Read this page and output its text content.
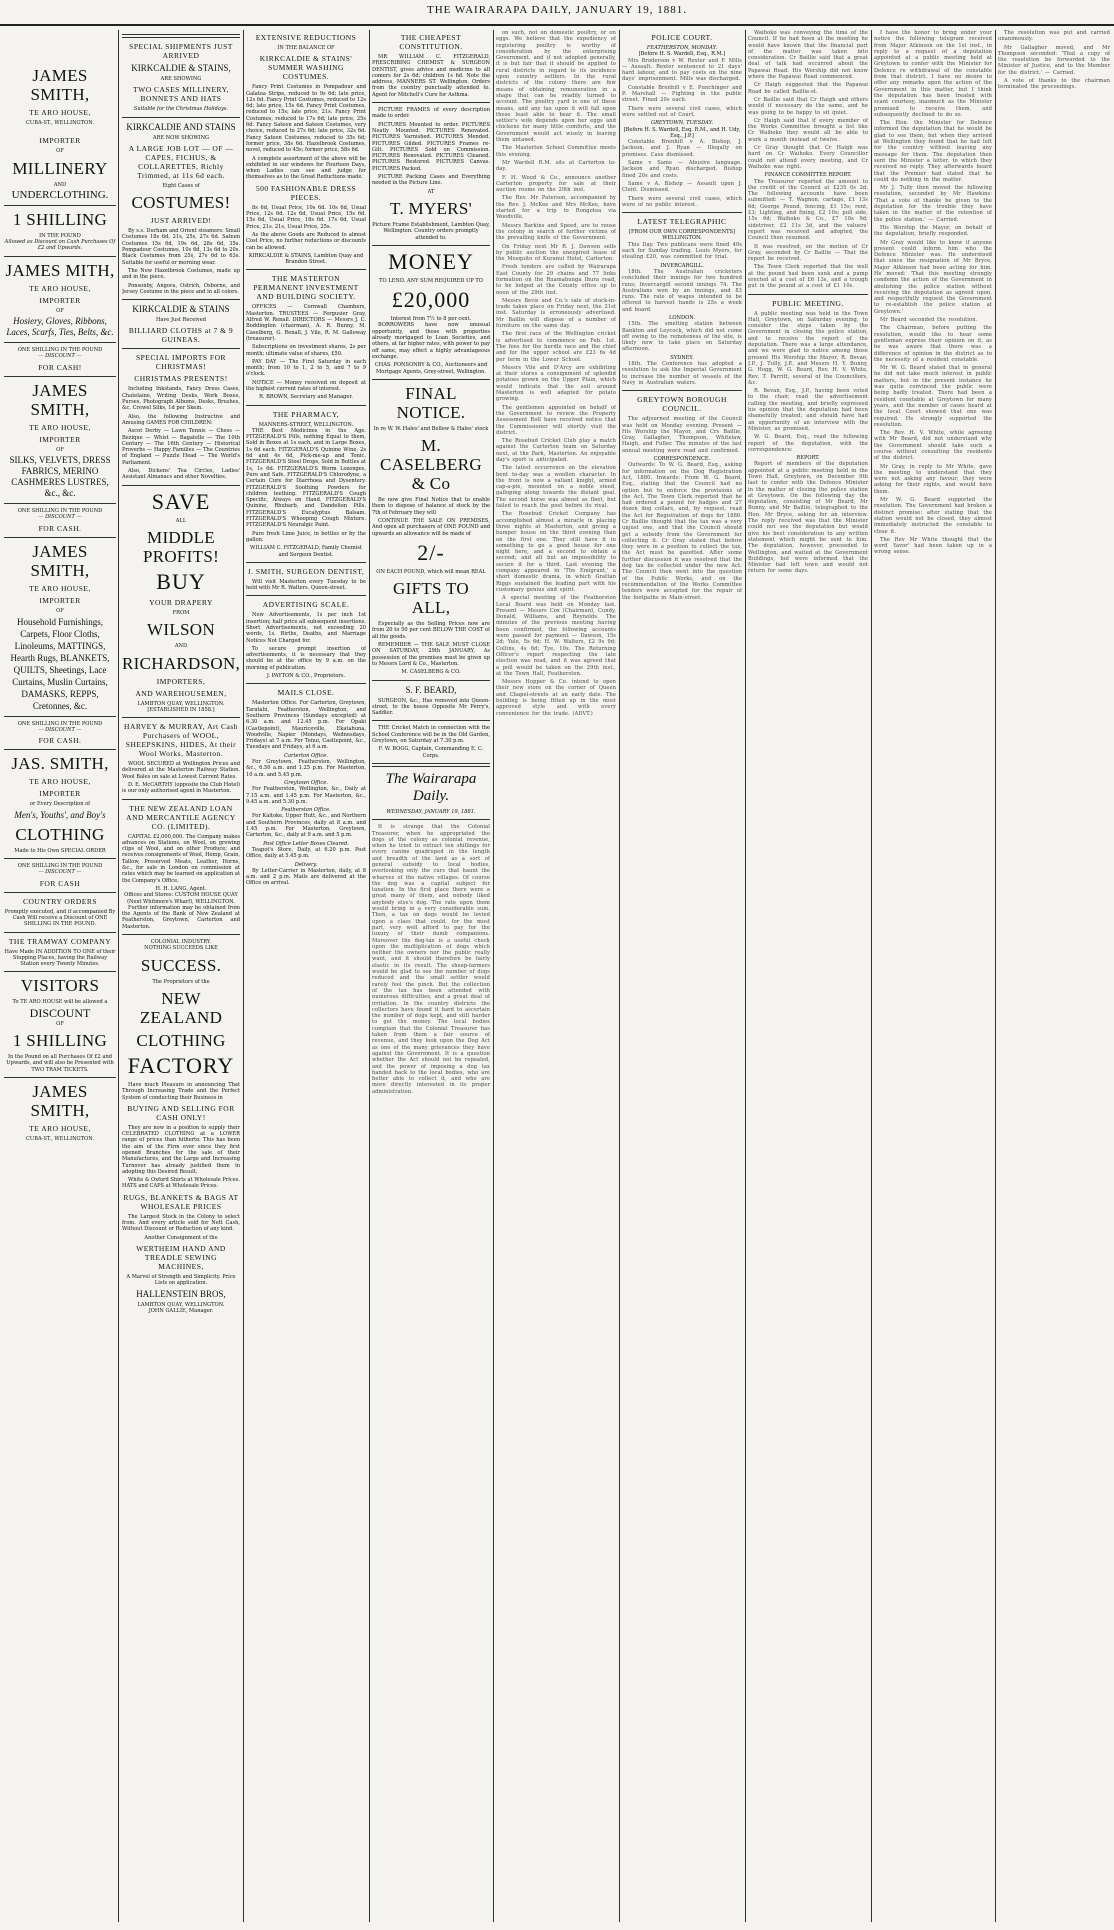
THE WAIRARAPA DAILY, JANUARY 19, 1881.
JAMES SMITH,
TE ARO HOUSE,
CUBA-ST., WELLINGTON.
IMPORTER
OF
MILLINERY
AND
UNDERCLOTHING.
1 SHILLING
IN THE POUND
Allowed as Discount on Cash Purchases Of £2 and Upwards.
JAMES MITH,
TE ARO HOUSE,
IMPORTER
OF
Hosiery, Gloves, Ribbons, Laces, Scarfs, Ties, Belts, &c.
ONE SHILLING IN THE POUND
— DISCOUNT —
FOR CASH!
JAMES SMITH,
TE ARO HOUSE,
IMPORTER
OF
SILKS, VELVETS, DRESS FABRICS, MERINO CASHMERES LUSTRES, &c., &c.
ONE SHILLING IN THE POUND
— DISCOUNT —
FOR CASH.
JAMES SMITH,
TE ARO HOUSE,
IMPORTER
OF
Household Furnishings, Carpets, Floor Cloths, Linoleums, MATTINGS, Hearth Rugs, BLANKETS, QUILTS, Sheetings, Lace Curtains, Muslin Curtains, DAMASKS, REPPS, Cretonnes, &c.
ONE SHILLING IN THE POUND
— DISCOUNT —
FOR CASH.
JAS. SMITH,
TE ARO HOUSE,
IMPORTER
or Every Description of
Men's, Youths', and Boy's
CLOTHING
Made to His Own SPECIAL ORDER
ONE SHILLING IN THE POUND
— DISCOUNT —
FOR CASH
COUNTRY ORDERS
Promptly executed, and if accompanied By Cash Will receive a Discount of ONE SHILLING IN THE POUND.
THE TRAMWAY COMPANY
Have Made IN ADDITION TO ONE of their Stopping Places, having the Railway Station every Twenty Minutes.
VISITORS
To TE ARO HOUSE will be allowed a
DISCOUNT
OF
1 SHILLING
In the Pound on all Purchases Of £2 and Upwards, and will also be Presented with TWO TRAM TICKETS.
JAMES SMITH,
TE ARO HOUSE,
CUBA-ST., WELLINGTON.
SPECIAL SHIPMENTS JUST ARRIVED
KIRKCALDIE & STAINS,
ARE SHOWING
TWO CASES MILLINERY, BONNETS AND HATS
Suitable for the Christmas Holidays.
KIRKCALDIE AND STAINS
ARE NOW SHOWING
A LARGE JOB LOT — OF — CAPES, FICHUS, & COLLARETTES, Richly Trimmed, at 11s 6d each.
Eight Cases of
COSTUMES!
JUST ARRIVED!

By s.s. Durham and Orient steamers: Small Costumes 18s 6d, 21s, 25s, 27s 6d. Sateen Costumes 15s 6d, 19s 6d, 28s 6d, 35s. Pompadour Costumes, 10s 6d, 13s 6d to 20s. Black Costumes from 25s, 27s 6d to 63s. Suitable for useful or morning wear.

The New Hazelbrook Costumes, made up and in the piece.

Ponsonby, Angora, Ostrich, Osborne, and Jersey Costume in the piece and in all colors.

KIRKCALDIE & STAINS
Have Just Received
BILLIARD CLOTHS at 7 & 9 GUINEAS.
SPECIAL IMPORTS FOR CHRISTMAS!
CHRISTMAS PRESENTS!

Including Inkstands, Fancy Dress Cases, Chatelaine, Writing Desks, Work Boxes, Purses, Photograph Albums, Desks, Brushes, &c. Crewel Silks, 1d per Skein.

Also, the following Instructive and Amusing GAMES FOR CHILDREN:

Ascot Derby — Lawn Tennis — Chess — Bezique — Whist — Bagatelle — The 10th Century — The 16th Century — Historical Proverbs — Happy Families — The Countries of England — Puzzle Head — The World's Parliament.

Also, Dickens' Tea Circles, Ladies' Assistant Almanacs and other Novelties.

SAVE
ALL
MIDDLE PROFITS!
BUY
YOUR DRAPERY
FROM
WILSON
AND
RICHARDSON,
IMPORTERS,
AND WAREHOUSEMEN,
LAMBTON QUAY, WELLINGTON.
[ESTABLISHED IN 1858.]
HARVEY & MURRAY, Art Cash Purchasers of WOOL, SHEEPSKINS, HIDES, At their Wool Works, Masterton.

WOOL SECURED at Wellington Prices and delivered at the Masterton Railway Station. Wool Bales on sale at Lowest Current Rates.

D. E. McCARTHY (opposite the Club Hotel) is our only authorised agent in Masterton.

THE NEW ZEALAND LOAN AND MERCANTILE AGENCY CO. (LIMITED).

CAPITAL £2,000,000. The Company makes advances on Stations, on Wool, on growing clips of Wool, and on other Produce; and receives consignments of Wool, Hemp, Grain, Tallow, Preserved Meats, Leather, Horns, &c., for sale in London on commission at rates which may be learned on application at the Company's Office.

H. H. LANG, Agent.
Offices and Stores: CUSTOM HOUSE QUAY (Next Whitmore's Wharf), WELLINGTON.

Further information may be obtained from the Agents of the Bank of New Zealand at Featherston, Greytown, Carterton and Masterton.

COLONIAL INDUSTRY.
NOTHING SUCCEEDS LIKE
SUCCESS.
The Proprietors of the
NEW ZEALAND
CLOTHING
FACTORY

Have much Pleasure in announcing That Through Increasing Trade and the Perfect System of conducting their Business in

BUYING AND SELLING FOR CASH ONLY!

They are now in a position to supply their CELEBRATED CLOTHING at a LOWER range of prices than hitherto. This has been the aim of the Firm ever since they first opened Branches for the sale of their Manufactures, and the Large and Increasing Turnover has already justified them in adopting this Desired Result.

White & Oxford Shirts at Wholesale Prices. HATS and CAPS at Wholesale Prices.

RUGS, BLANKETS & BAGS AT WHOLESALE PRICES

The Largest Stock in the Colony to select from. And every article sold for Nett Cash, Without Discount or Reduction of any kind.

Another Consignment of the
WERTHEIM HAND AND TREADLE SEWING MACHINES,
A Marvel of Strength and Simplicity. Price Lists on application.
HALLENSTEIN BROS,
LAMBTON QUAY, WELLINGTON.
JOHN GALLIE, Manager.
EXTENSIVE REDUCTIONS
IN THE BALANCE OF
KIRKCALDIE & STAINS' SUMMER WASHING COSTUMES.

Fancy Print Costumes in Pompadour and Galatea Stripe, reduced to 9s 6d; late price, 12s 6d. Fancy Print Costumes, reduced to 12s 6d; late price, 15s 6d. Fancy Print Costumes, reduced to 15s; late price, 21s. Fancy Print Costumes, reduced to 17s 6d; late price, 25s 6d. Fancy Sateen and Sateen Costumes, very choice, reduced to 27s 6d; late price, 32s 6d. Fancy Sateen Costumes, reduced to 35s 6d; former price, 38s 6d. Hazelbrook Costumes, novel, reduced to 45s; former price, 58s 6d.

A complete assortment of the above will be exhibited in our windows for Fourteen Days, when Ladies can see and judge for themselves as to the Great Reductions made.

500 FASHIONABLE DRESS PIECES.

8s 6d, Usual Price, 10s 6d. 10s 6d, Usual Price, 12s 6d. 12s 6d, Usual Price, 15s 6d. 15s 6d, Usual Price, 18s 6d. 17s 6d, Usual Price, 21s. 21s, Usual Price, 25s.

As the above Goods are Reduced to almost Cost Price, no further reductions or discounts can be allowed.

KIRKCALDIE & STAINS, Lambton Quay and Brandon Street.
THE MASTERTON PERMANENT INVESTMENT AND BUILDING SOCIETY.

OFFICES — Cornwall Chambers, Masterton. TRUSTEES — Fergusier Gray, Alfred W. Renall. DIRECTORS — Messrs J. C. Boddington (chairman), A. R. Bunny, M. Caselberg, G. Renall, J. Vile, R. M. Galloway (treasurer).

Subscriptions on investment shares, 2s per month; ultimate value of shares, £50.

PAY DAY — The First Saturday in each month; from 10 to 1, 2 to 5, and 7 to 9 o'clock.

NOTICE — Money received on deposit at the highest current rates of interest.

R. BROWN, Secretary and Manager.
THE PHARMACY,
MANNERS-STREET, WELLINGTON.

THE Best Medicines in the Age. FITZGERALD'S Pills, nothing Equal to them, Sold in Boxes at 1s each, and in Large Boxes, 1s 6d each. FITZGERALD'S Quinine Wine, 2s 6d and 4s 6d, Pick-me-up and Tonic. FITZGERALD'S Steel Drops, Sold in Bottles at 1s, 1s 6d. FITZGERALD'S Worm Lozenges, Pure and Safe. FITZGERALD'S Chlorodyne, a Certain Cure for Diarrhoea and Dysentery. FITZGERALD'S Soothing Powders for children teething. FITZGERALD'S Cough Specific, Always on Hand. FITZGERALD'S Quinine, Rhubarb, and Dandelion Pills. FITZGERALD'S Eucalyptus Balsam. FITZGERALD'S Whooping Cough Mixture. FITZGERALD'S Neuralgic Paint.

Pure fresh Lime Juice, in bottles or by the gallon.

WILLIAM C. FITZGERALD, Family Chemist and Surgeon Dentist.
J. SMITH, SURGEON DENTIST,

Will visit Masterton every Tuesday to be held with Mr R. Walters. Queen-street.

ADVERTISING SCALE.

New Advertisements, 1s per inch 1st insertion; half price all subsequent insertions. Short Advertisements, not exceeding 20 words, 1s. Births, Deaths, and Marriage Notices Not Charged for.

To secure prompt insertion of advertisements, it is necessary that they should be at the office by 9 a.m. on the morning of publication.

J. PAYTON & CO., Proprietors.
MAILS CLOSE.

Masterton Office. For Carterton, Greytown, Taratahi, Featherston, Wellington, and Southern Provinces (Sundays excepted) at 6.30 a.m. and 12.45 p.m. For Opaki (Castlepoint), Mauriceville, Ekatahuna, Woodville, Napier (Mondays, Wednesdays, Fridays) at 7 a.m. For Tenui, Castlepoint, &c., Tuesdays and Fridays, at 6 a.m.

Carterton Office.

For Greytown, Featherston, Wellington, &c., 6.50 a.m. and 1.25 p.m. For Masterton, 10 a.m. and 5.45 p.m.

Greytown Office.

For Featherston, Wellington, &c., Daily at 7.15 a.m. and 1.45 p.m. For Masterton, &c., 9.45 a.m. and 5.30 p.m.

Featherston Office.

For Kaitoke, Upper Hutt, &c., and Northern and Southern Provinces, daily at 8 a.m. and 1.45 p.m. For Masterton, Greytown, Carterton, &c., daily at 9 a.m. and 5 p.m.

Post Office Letter Boxes Cleared.

Teapot's Store, Daily, at 6.20 p.m. Post Office, daily at 5.45 p.m.

Delivery.

By Letter-Carrier in Masterton, daily, at 8 a.m. and 2 p.m. Mails are delivered at the Office on arrival.

THE CHEAPEST CONSTITUTION.

MR WILLIAM C. FITZGERALD, PRESCRIBING CHEMIST & SURGEON DENTIST, gives advice and medicine to all comers for 2s 6d; children 1s 6d. Note the address, MANNERS ST. Wellington. Orders from the country punctually attended to. Agent for Mitchell's Cure for Asthma.

PICTURE FRAMES of every description made to order.

PICTURES Mounted to order. PICTURES Neatly Mounted. PICTURES Renovated. PICTURES Varnished. PICTURES Mended. PICTURES Gilded. PICTURES Frames re-Gilt. PICTURES Sold on Commission. PICTURES Renovated. PICTURES Cleaned. PICTURES Restored. PICTURES Canvas. PICTURES Packed.

PICTURE Packing Cases and Everything needed in the Picture Line.

AT
T. MYERS'
Picture Frame Establishment, Lambton Quay, Wellington. Country orders promptly attended to.
MONEY
TO LEND. ANY SUM REQUIRED UP TO
£20,000
Interest from 7½ to 8 per cent.

BORROWERS have now unusual opportunity, and those with properties already mortgaged to Loan Societies, and others, at far higher rates, with power to pay off same, may effect a highly advantageous exchange.

CHAS. PONSONBY & CO., Auctioneers and Mortgage Agents, Grey-street, Wellington.
FINAL NOTICE.
In re W. W. Hales' and Bellew & Hales' stock
M. CASELBERG & Co

Be now give Final Notice that to enable them to dispose of balance of stock by the 7th of February they will

CONTINUE THE SALE ON PREMISES, And open all purchasers of ONE POUND and upwards an allowance will be made of

2/-
ON EACH POUND, which will mean REAL
GIFTS TO ALL,

Especially as the Selling Prices now are from 20 to 50 per cent BELOW THE COST of all the goods.

REMEMBER — THE SALE MUST CLOSE ON SATURDAY, 29th JANUARY, As possession of the premises must be given up to Messrs Lord & Co., Masterton.

M. CASELBERG & CO.
S. F. BEARD,

SURGEON, &c., Has removed into Queen-street, to the house Opposite Mr Perry's, Saddler.

THE Cricket Match in connection with the School Conference will be in the Old Garden, Greytown, on Saturday at 7.30 p.m.

F. W. BOGG, Captain, Commanding E. C. Corps.
The Wairarapa Daily.
WEDNESDAY, JANUARY 19, 1881.

It is strange that the Colonial Treasurer, when he appropriated the dogs of the colony as colonial revenue, when he tried to extract ten shillings for every canine quadruped in the length and breadth of the land as a sort of general subsidy to local bodies, overlooking only the curs that haunt the wharves of the native villages. Of course the dog was a capital subject for taxation. In the first place there were a great many of them, and nobody liked anybody else's dog. The rate upon them would bring in a very considerable sum. Then, a tax on dogs would be levied upon a class that could, for the most part, very well afford to pay for the luxury of their dumb companions. Moreover the dog-tax is a useful check upon the multiplication of dogs which neither the owners nor the public really want, and it should therefore be fairly elastic in its result. The sheep-farmers would be glad to see the number of dogs reduced and the small settler would rarely feel the pinch. But the collection of the tax has been attended with numerous difficulties, and a great deal of irritation. In the country districts the collectors have found it hard to ascertain the number of dogs kept, and still harder to get the money. The local bodies complain that the Colonial Treasurer has taken from them a fair source of revenue, and they look upon the Dog Act as one of the many grievances they have against the Government. It is a question whether the Act should not be repealed, and the power of imposing a dog tax handed back to the local bodies, who are better able to collect it, and who are more directly interested in its proper administration.

on such, not on domestic poultry, or on eggs. We believe that the expediency of registering poultry is worthy of consideration by the enterprising Government, and if not adopted generally, it is but fair that it should be applied to rural districts in regard to its incidence upon country settlers. In the rural districts of the colony there are few means of obtaining remuneration in a shape that can be readily turned to account. The poultry yard is one of these means, and any tax upon it will fall upon those least able to bear it. The small settler's wife depends upon her eggs and chickens for many little comforts, and the Government would act wisely in leaving them untaxed.

The Masterton School Committee meets this evening.

Mr Wardell R.M. sits at Carterton to-day.

F. H. Wood & Co., announce another Carterton property for sale at their auction rooms on the 29th inst.

The Rev. Mr Paterson, accompanied by the Rev. J. McKee and Mrs McKee, have started for a trip to Rongotea via Woodville.

Messrs Barkins and Speed, are to rouse the colony in search of further victims of the prevailing knife of the Government.

On Friday next Mr R. J. Dawson sells by public auction the unexpired lease of the Mosquito of Kuranui Hotel, Carterton.

Fresh tenders are called by Wairarapa East County for 29 chains and 77 links formation on the Ruamahunga Ihura road, to be lodged at the County office up to noon of the 29th inst.

Messrs Bevis and Co.'s sale of stock-in-trade takes place on Friday next, the 21st inst. Saturday is erroneously advertised. Mr Baillie will dispose of a number of furniture on the same day.

The first race of the Wellington cricket is advertised to commence on Feb. 1st. The fees for the hurdle race and the chief and for the upper school are £23 6s 4d per term in the Lower School.

Messrs Vile and D'Arcy are exhibiting at their stores a consignment of splendid potatoes grown on the Upper Plain, which would indicate that the soil around Masterton is well adapted for potato growing.

The gentlemen appointed on behalf of the Government to review the Property Assessment Roll have received notice that the Commissioner will shortly visit the district.

The Rosebud Cricket Club play a match against the Carterton team on Saturday next, at the Park, Masterton. An enjoyable day's sport is anticipated.

The latest occurrence on the elevation bent to-day was a woollen character. In the front is now a valiant knight, armed cap-a-pie, mounted on a noble steed, galloping along towards the distant goal. The second horse was almost as fleet, but failed to reach the post before its rival.

The Rosebud Cricket Company has accomplished almost a miracle in placing three nights at Masterton, and giving a bumper house on the third evening than on the first one. They still have it in something to go a good house for one night here, and a second to obtain a second; and all but an impossibility to secure it for a third. Last evening the company appeared in 'The Emigrant,' a short domestic drama, in which Grattan Riggs sustained the leading part with his customary genius and spirit.

A special meeting of the Featherston Local Board was held on Monday last. Present — Messrs Cox (Chairman), Cundy, Donald, Williams, and Reynolds. The minutes of the previous meeting having been confirmed, the following accounts were passed for payment — Dawson, 15s 2d; Yule, 5s 6d; H. W. Walters, £2 9s 9d; Collins, 4s 6d; Tye, 10s. The Returning Officer's report respecting the late election was read, and it was agreed that a poll would be taken on the 29th inst., at the Town Hall, Featherston.

Messrs Hopper & Co. intend to open their new store on the corner of Queen and Chapel-streets at an early date. The building is being fitted up in the most approved style and with every convenience for the trade. (ADVT.)

POLICE COURT.
FEATHERSTON, MONDAY.
[Before H. S. Wardell, Esq., R.M.]

Mrs Broderson v W. Rexter and F. Mills — Assault. Rexter sentenced to 21 days' hard labour, and to pay costs on the nine days' imprisonment. Mills was discharged.

Constable Brenhill v E. Punchinger and P. Marshall — Fighting in the public street. Fined 20s each.

There were several civil cases, which were settled out of Court.

GREYTOWN, TUESDAY.
[Before H. S. Wardell, Esq. R.M., and H. Udy, Esq., J.P.]

Constable Brenhill v A. Bishop, J. Jackson, and J. Ryan — Illegally on premises. Case dismissed.

Same v Same — Abusive language. Jackson and Ryan discharged, Bishop fined 20s and costs.

Same v A. Bishop — Assault upon J. Clent. Dismissed.

There were several civil cases, which were of no public interest.

LATEST TELEGRAPHIC
[FROM OUR OWN CORRESPONDENTS]
WELLINGTON.

This Day. Two publicans were fined 40s each for Sunday trading. Louis Myers, for stealing £20, was committed for trial.

INVERCARGILL.

18th. The Australian cricketers concluded their innings for two hundred runs; Invercargill second innings 74. The Australians won by an innings, and 83 runs. The rate of wages intended to be offered to harvest hands is 25s a week and board.

LONDON.

15th. The smelting station between Bankton and Leycock, which did not come off owing to the remoteness of the site, is likely now to take place on Saturday afternoon.

SYDNEY.

18th. The Conference has adopted a resolution to ask the Imperial Government to increase the number of vessels of the Navy in Australian waters.

GREYTOWN BOROUGH COUNCIL.

The adjourned meeting of the Council was held on Monday evening. Present — His Worship the Mayor, and Crs Baillie, Gray, Gallagher, Thompson, Whitelaw, Haigh, and Fuller. The minutes of the last annual meeting were read and confirmed.

CORRESPONDENCE.

Outwards: To W. G. Beard, Esq., asking for information on the Dog Registration Act, 1880. Inwards: From W. G. Beard, Esq., stating that the Council had no option but to enforce the provisions of the Act. The Town Clerk reported that he had ordered a pound for badges and 27 dozen dog collars, and, by request, read the Act for Registration of dogs for 1880. Cr Baillie thought that the tax was a very unjust one, and that the Council should get a subsidy from the Government for collecting it. Cr Gray stated that before they were in a position to collect the tax, the Act must be gazetted. After some further discussion it was resolved that the dog tax be collected under the new Act. The Council then went into the question of the Public Works, and on the recommendation of the Works Committee tenders were accepted for the repair of the footpaths in Main-street.

Waihoko was conveying the time of the Council. If he had been at the meeting he would have known that the financial part of the matter was taken into consideration. Cr Baillie said that a great deal of talk had occurred about the Papawai Road. His Worship did not know where the Papawai Road commenced.

Cr Haigh suggested that the Papawai Road be called Baillie-st.

Cr Baillie said that Cr Haigh and others would if necessary do the same, and he was going to be happy to sit quiet.

Cr Haigh said that if every member of the Works Committee brought a list like Cr Waihoko they would all be able to work a month instead of twelve.

Cr Gray thought that Cr Haigh was hard on Cr Waihoko. Every Councillor could not attend every meeting, and Cr Waihoko was right.

FINANCE COMMITTEE REPORT.

The Treasurer reported the amount to the credit of the Council at £235 0s 2d. The following accounts have been submitted: — T. Wagnon, cartage, £1 13s 6d; George Pound, fencing, £1 15s; rent, £3; Lighting, and fixing, £2 10s; pull side, 15s 6d; Waihoko & Co., £7 10s 9d; sidetriver, £2 11s 3d, and the valuers' report was received and adopted, the Council then resumed.

It was resolved, on the motion of Cr Gray, seconded by Cr Baillie — That the report be received.

The Town Clerk reported that the well at the pound had been sunk and a pump erected at a cost of £6 13s, and a trough put in the pound at a cost of £1 10s.

PUBLIC MEETING.

A public meeting was held in the Town Hall, Greytown, on Saturday evening, to consider the steps taken by the Government in closing the police station, and to receive the report of the deputation. There was a large attendance, and we were glad to notice among those present His Worship the Mayor, R. Bevan, J.P., J. Tully, J.P., and Messrs H. Y. Bunny, G. Hogg, W. G. Beard, Rev. H. V. White, Rev. T. Parritt, several of the Councillors, &c.

R. Bevan, Esq., J.P., having been voted to the chair, read the advertisement calling the meeting, and briefly expressed his opinion that the deputation had been shamefully treated; and should have had an opportunity of an interview with the Minister, as promised.

W. G. Beard, Esq., read the following report of the deputation, with the correspondence:

REPORT.

Report of members of the deputation appointed at a public meeting held in the Town Hall, Greytown, on December 9th last to confer with the Defence Minister in the matter of closing the police station at Greytown. On the following day the deputation, consisting of Mr Beard, Mr Bunny, and Mr Baillie, telegraphed to the Hon. Mr Bryce, asking for an interview. The reply received was that the Minister could not see the deputation but would give his best consideration to any written statement which might be sent to him. The deputation, however, proceeded to Wellington, and waited at the Government Buildings, but were informed that the Minister had left town and would not return for some days.

I have the honor to bring under your notice the following telegram received from Major Atkinson on the 1st inst., in reply to a request of a deputation appointed at a public meeting held at Greytown to confer with the Minister for Defence re withdrawal of the constable from that district. I have no desire to offer any remarks upon the action of the Government in this matter, but I think the deputation has been treated with scant courtesy, inasmuch as the Minister promised to receive them, and subsequently declined to do so.

The Hon. the Minister for Defence informed the deputation that he would be glad to see them, but when they arrived at Wellington they found that he had left for the country without leaving any message for them. The deputation then sent the Minister a letter, to which they received no reply. They afterwards heard that the Premier had stated that he could do nothing in the matter.

Mr J. Tully then moved the following resolution, seconded by Mr Hawkins: 'That a vote of thanks be given to the deputation for the trouble they have taken in the matter of the retention of the police station.' — Carried.

His Worship the Mayor, on behalf of the deputation, briefly responded.

Mr Gray would like to know if anyone present could inform him who the Defence Minister was. He understood that since the resignation of Mr Bryce, Major Atkinson had been acting for him. He moved: 'That this meeting strongly condemn the action of the Government in abolishing the police station without receiving the deputation as agreed upon, and respectfully request the Government to re-establish the police station at Greytown.'

Mr Beard seconded the resolution.

The Chairman, before putting the resolution, would like to hear some gentleman express their opinion on it, as he was aware that there was a difference of opinion in the district as to the necessity of a resident constable.

Mr W. G. Beard stated that in general he did not take much interest in public matters, but in the present instance he was quite convinced the public were being badly treated. There had been a resident constable at Greytown for many years, and the number of cases heard at the local Court showed that one was required. He strongly supported the resolution.

The Rev. H. V. White, while agreeing with Mr Beard, did not understand why the Government should take such a course without consulting the residents of the district.

Mr Gray, in reply to Mr White, gave the meeting to understand that they were not asking any favour; they were asking for their rights, and would have them.

Mr W. G. Beard supported the resolution. The Government had broken a distinct promise: after stating that the station would not be closed, they almost immediately instructed the constable to close it.

The Rev Mr White thought that the word 'favor' had been taken up in a wrong sense.

The resolution was put and carried unanimously.

Mr Gallagher moved, and Mr Thompson seconded: 'That a copy of the resolution be forwarded to the Minister of Justice, and to the Member for the district.' — Carried.

A vote of thanks to the chairman terminated the proceedings.
